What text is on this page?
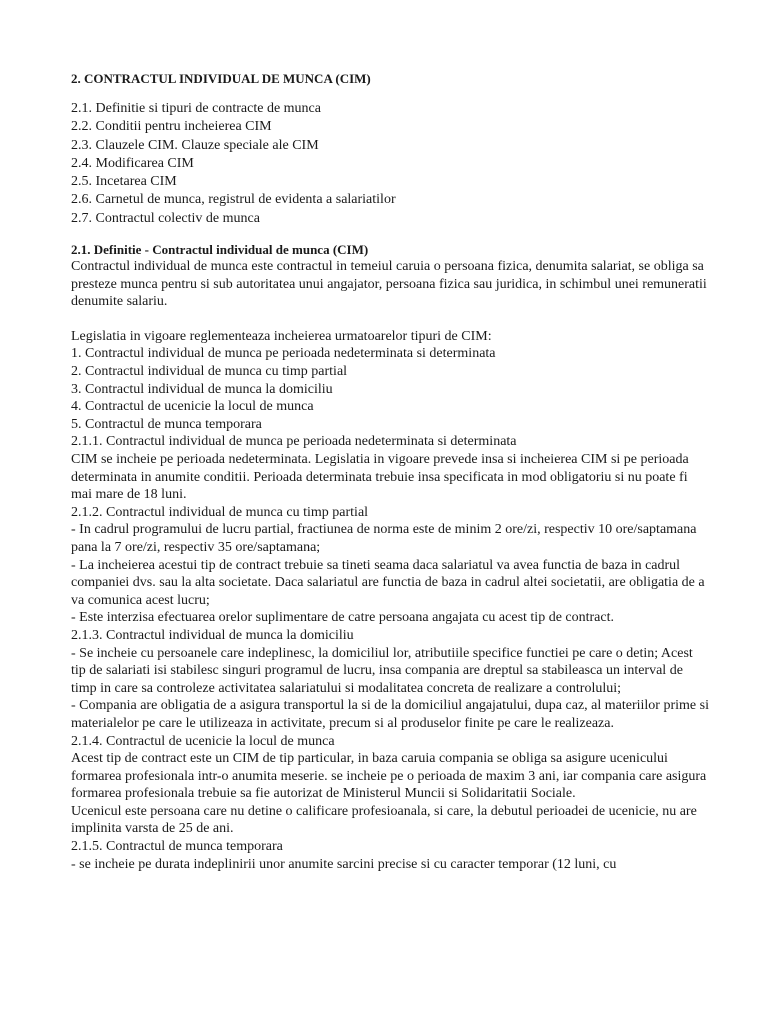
2. CONTRACTUL INDIVIDUAL DE MUNCA (CIM)
2.1. Definitie si tipuri de contracte de munca
2.2. Conditii pentru incheierea CIM
2.3. Clauzele CIM. Clauze speciale ale CIM
2.4. Modificarea CIM
2.5. Incetarea CIM
2.6. Carnetul de munca, registrul de evidenta a salariatilor
2.7. Contractul colectiv de munca
2.1. Definitie - Contractul individual de munca (CIM)

Contractul individual de munca este contractul in temeiul caruia o persoana fizica, denumita salariat, se obliga sa presteze munca pentru si sub autoritatea unui angajator, persoana fizica sau juridica, in schimbul unei remuneratii denumite salariu.

Legislatia in vigoare reglementeaza incheierea urmatoarelor tipuri de CIM:

1. Contractul individual de munca pe perioada nedeterminata si determinata

2. Contractul individual de munca cu timp partial

3. Contractul individual de munca la domiciliu

4. Contractul de ucenicie la locul de munca

5. Contractul de munca temporara

2.1.1. Contractul individual de munca pe perioada nedeterminata si determinata

CIM se incheie pe perioada nedeterminata. Legislatia in vigoare prevede insa si incheierea CIM si pe perioada determinata in anumite conditii. Perioada determinata trebuie insa specificata in mod obligatoriu si nu poate fi mai mare de 18 luni.

2.1.2. Contractul individual de munca cu timp partial

- In cadrul programului de lucru partial, fractiunea de norma este de minim 2 ore/zi, respectiv 10 ore/saptamana pana la 7 ore/zi, respectiv 35 ore/saptamana;

- La incheierea acestui tip de contract trebuie sa tineti seama daca salariatul va avea functia de baza in cadrul companiei dvs. sau la alta societate. Daca salariatul are functia de baza in cadrul altei societatii, are obligatia de a va comunica acest lucru;

- Este interzisa efectuarea orelor suplimentare de catre persoana angajata cu acest tip de contract.

2.1.3. Contractul individual de munca la domiciliu

- Se incheie cu persoanele care indeplinesc, la domiciliul lor, atributiile specifice functiei pe care o detin; Acest tip de salariati isi stabilesc singuri programul de lucru, insa compania are dreptul sa stabileasca un interval de timp in care sa controleze activitatea salariatului si modalitatea concreta de realizare a controlului;

- Compania are obligatia de a asigura transportul la si de la domiciliul angajatului, dupa caz, al materiilor prime si materialelor pe care le utilizeaza in activitate, precum si al produselor finite pe care le realizeaza.

2.1.4. Contractul de ucenicie la locul de munca

Acest tip de contract este un CIM de tip particular, in baza caruia compania se obliga sa asigure ucenicului formarea profesionala intr-o anumita meserie. se incheie pe o perioada de maxim 3 ani, iar compania care asigura formarea profesionala trebuie sa fie autorizat de Ministerul Muncii si Solidaritatii Sociale.

Ucenicul este persoana care nu detine o calificare profesioanala, si care, la debutul perioadei de ucenicie, nu are implinita varsta de 25 de ani.

2.1.5. Contractul de munca temporara

- se incheie pe durata indeplinirii unor anumite sarcini precise si cu caracter temporar (12 luni, cu
